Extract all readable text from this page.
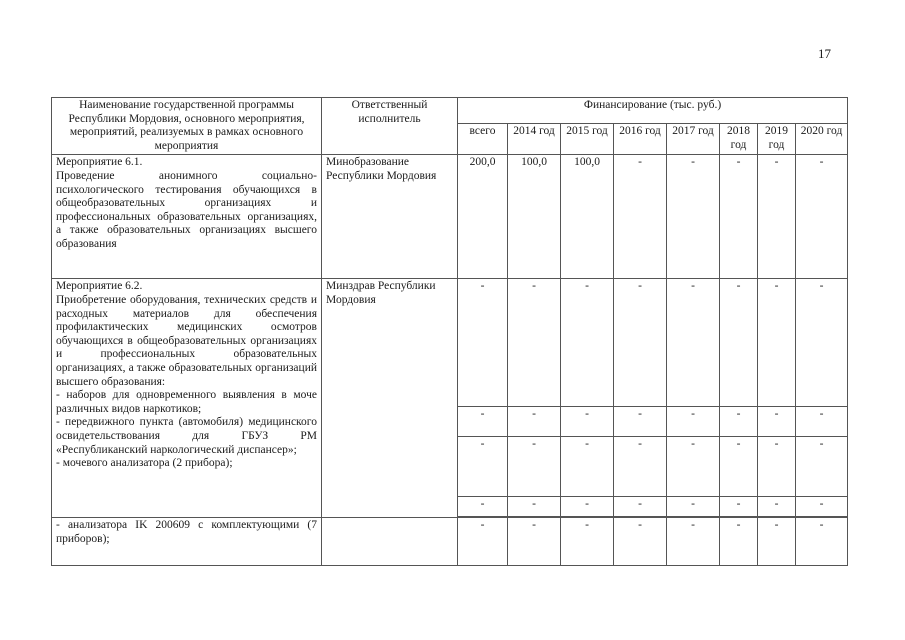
17
Наименование государственной программы Республики Мордовия, основного мероприятия, мероприятий, реализуемых в рамках основного мероприятия	Ответственный исполнитель	Финансирование (тыс. руб.)							
		всего	2014 год	2015 год	2016 год	2017 год	2018 год	2019 год	2020 год

Мероприятие 6.1.
Проведение анонимного социально-психологического тестирования обучающихся в общеобразовательных организациях и профессиональных образовательных организациях, а также образовательных организациях высшего образования	Минобразование Республики Мордовия	200,0	100,0	100,0	-	-	-	-	-

Мероприятие 6.2.
Приобретение оборудования, технических средств и расходных материалов для обеспечения профилактических медицинских осмотров обучающихся в общеобразовательных организациях и профессиональных образовательных организациях, а также образовательных организаций высшего образования:
- наборов для одновременного выявления в моче различных видов наркотиков;
- передвижного пункта (автомобиля) медицинского освидетельствования для ГБУЗ РМ «Республиканский наркологический диспансер»;
- мочевого анализатора (2 прибора);	Минздрав Республики Мордовия	-	-	-	-	-	-	-	-
		-	-	-	-	-	-	-	-
		-	-	-	-	-	-	-	-
		-	-	-	-	-	-	-	-

- анализатора IK 200609 с комплектующими (7 приборов);		-	-	-	-	-	-	-	-
